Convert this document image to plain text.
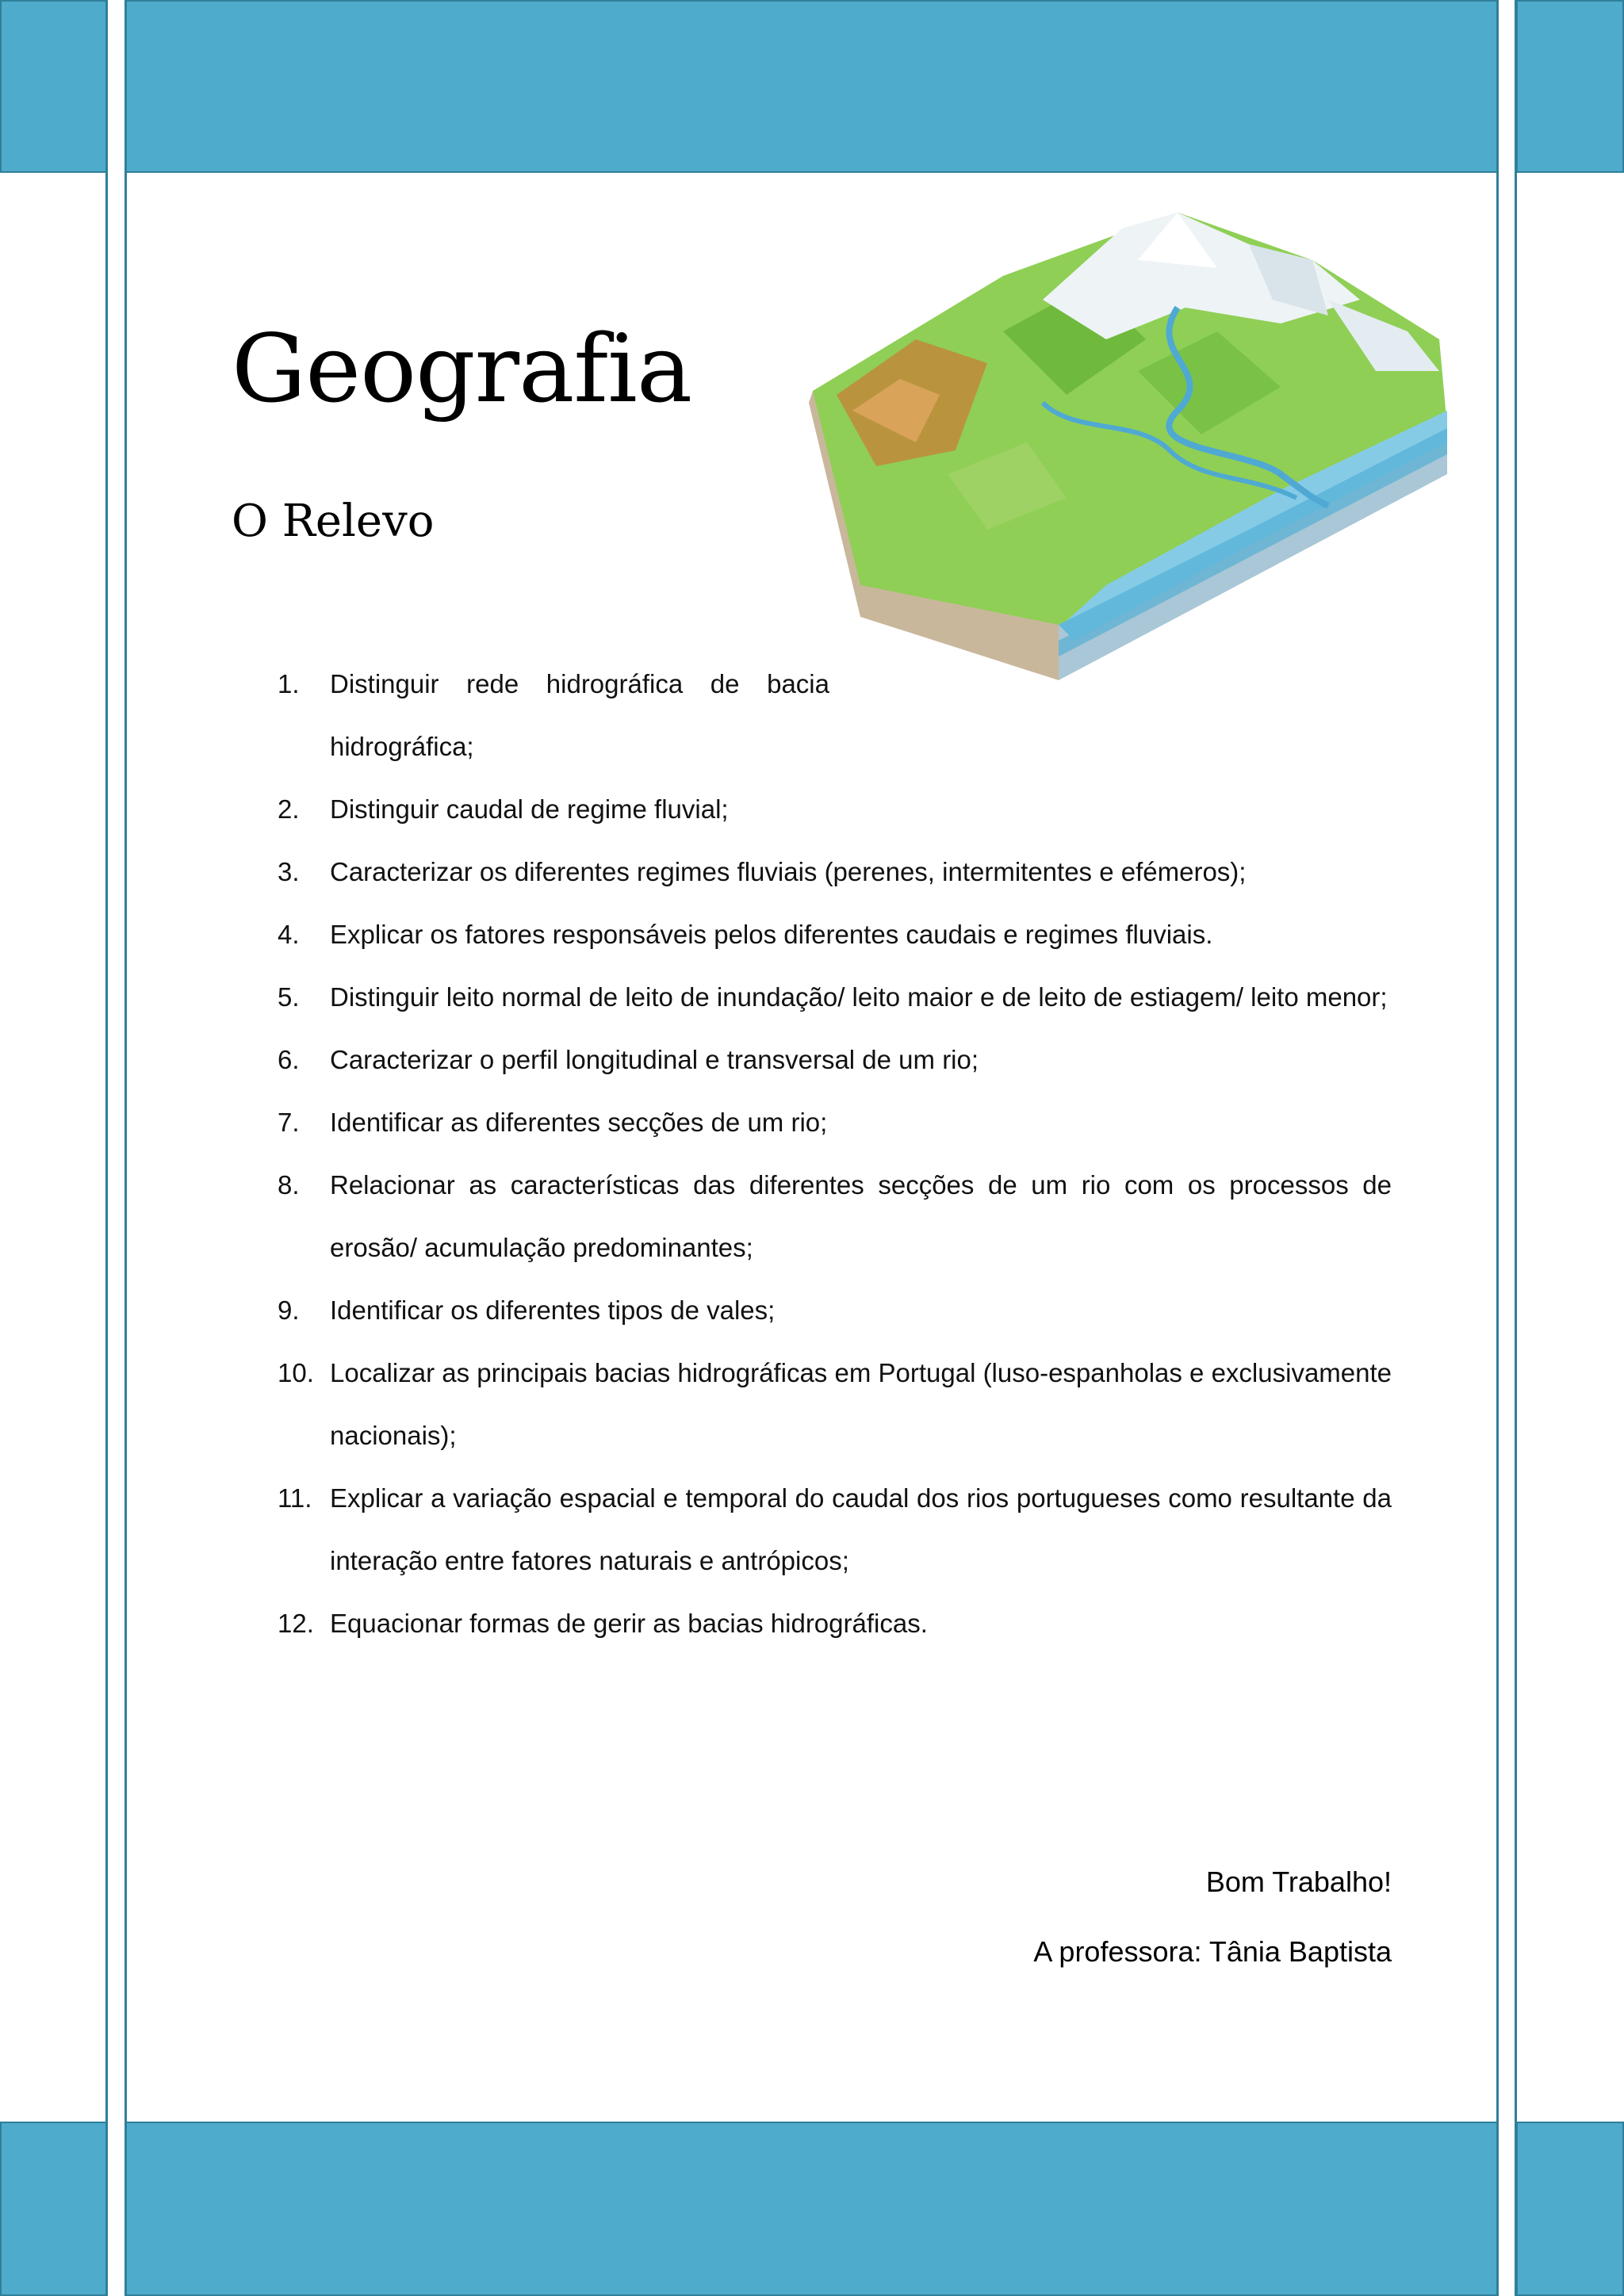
Geografia
O Relevo
1. Distinguir rede hidrográfica de bacia hidrográfica;
2. Distinguir caudal de regime fluvial;
3. Caracterizar os diferentes regimes fluviais (perenes, intermitentes e efémeros);
4. Explicar os fatores responsáveis pelos diferentes caudais e regimes fluviais.
5. Distinguir leito normal de leito de inundação/ leito maior e de leito de estiagem/ leito menor;
6. Caracterizar o perfil longitudinal e transversal de um rio;
7. Identificar as diferentes secções de um rio;
8. Relacionar as características das diferentes secções de um rio com os processos de erosão/ acumulação predominantes;
9. Identificar os diferentes tipos de vales;
10. Localizar as principais bacias hidrográficas em Portugal (luso-espanholas e exclusivamente nacionais);
11. Explicar a variação espacial e temporal do caudal dos rios portugueses como resultante da interação entre fatores naturais e antrópicos;
12. Equacionar formas de gerir as bacias hidrográficas.
Bom Trabalho!
A professora: Tânia Baptista
